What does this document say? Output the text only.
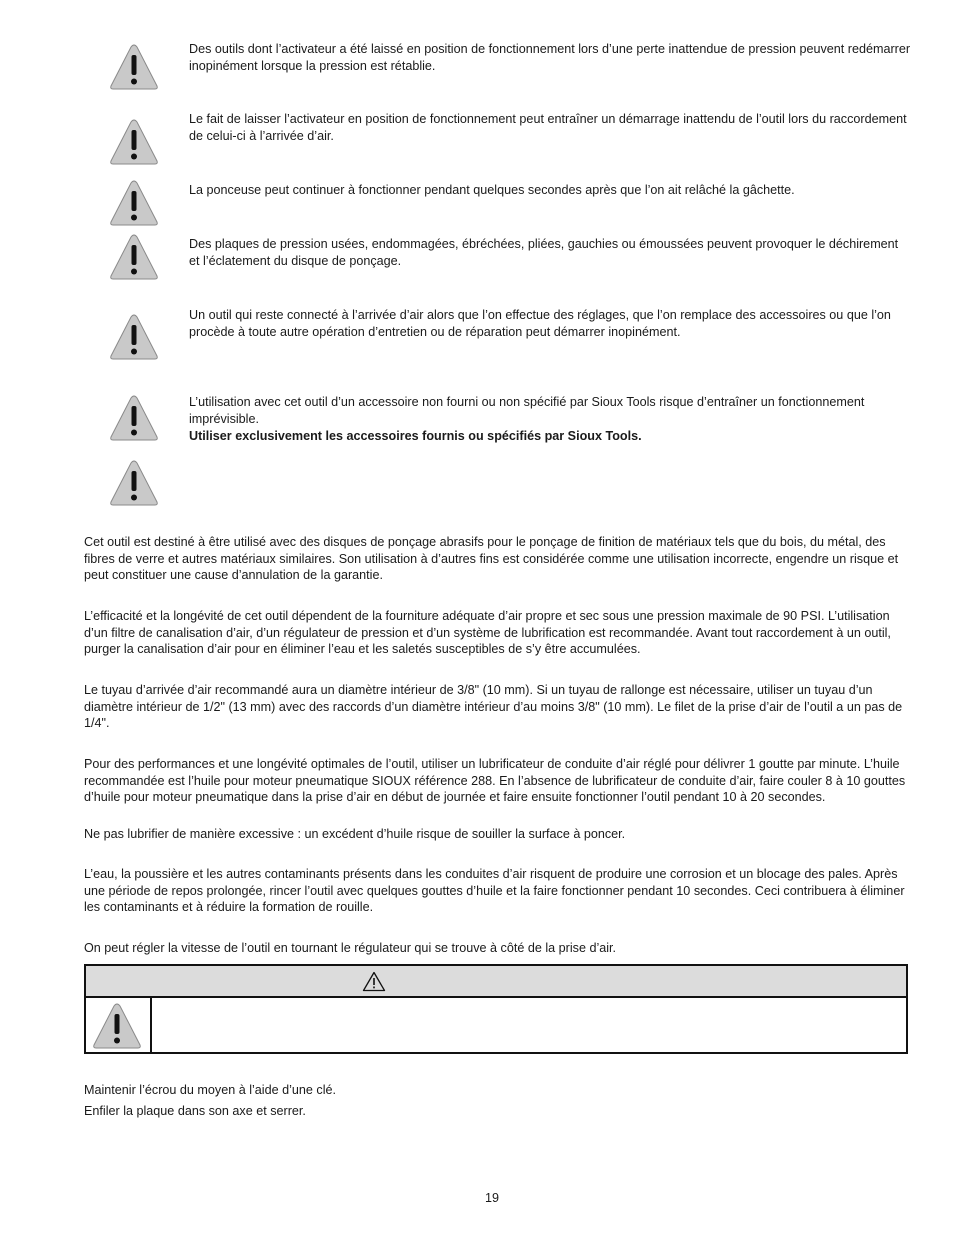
Des outils dont l’activateur a été laissé en position de fonctionnement lors d’une perte inattendue de pression peuvent redémarrer inopinément lorsque la pression est rétablie.
Le fait de laisser l’activateur en position de fonctionnement peut entraîner un démarrage inattendu de l’outil lors du raccordement de celui-ci à l’arrivée d’air.
La ponceuse peut continuer à fonctionner pendant quelques secondes après que l’on ait relâché la gâchette.
Des plaques de pression usées, endommagées, ébréchées, pliées, gauchies ou émoussées peuvent provoquer le déchirement et l’éclatement du disque de ponçage.
Un outil qui reste connecté à l’arrivée d’air alors que l’on effectue des réglages, que l’on remplace des accessoires ou que l’on procède à toute autre opération d’entretien ou de réparation peut démarrer inopinément.
L’utilisation avec cet outil d’un accessoire non fourni ou non spécifié par Sioux Tools risque d’entraîner un fonctionnement imprévisible.
Utiliser exclusivement les accessoires fournis ou spécifiés par Sioux Tools.
Cet outil est destiné à être utilisé avec des disques de ponçage abrasifs pour le ponçage de finition de matériaux tels que du bois, du métal, des fibres de verre et autres matériaux similaires. Son utilisation à d’autres fins est considérée comme une utilisation incorrecte, engendre un risque et peut constituer une cause d’annulation de la garantie.
L’efficacité et la longévité de cet outil dépendent de la fourniture adéquate d’air propre et sec sous une pression maximale de 90 PSI. L’utilisation d’un filtre de canalisation d’air, d’un régulateur de pression et d’un système de lubrification est recommandée. Avant tout raccordement à un outil, purger la canalisation d’air pour en éliminer l’eau et les saletés susceptibles de s’y être accumulées.
Le tuyau d’arrivée d’air recommandé aura un diamètre intérieur de 3/8" (10 mm). Si un tuyau de rallonge est nécessaire, utiliser un tuyau d’un diamètre intérieur de 1/2" (13 mm) avec des raccords d’un diamètre intérieur d’au moins 3/8" (10 mm). Le filet de la prise d’air de l’outil a un pas de 1/4".
Pour des performances et une longévité optimales de l’outil, utiliser un lubrificateur de conduite d’air réglé pour délivrer 1 goutte par minute. L’huile recommandée est l’huile pour moteur pneumatique SIOUX référence 288. En l’absence de lubrificateur de conduite d’air, faire couler 8 à 10 gouttes d’huile pour moteur pneumatique dans la prise d’air en début de journée et faire ensuite fonctionner l’outil pendant 10 à 20 secondes.
Ne pas lubrifier de manière excessive : un excédent d’huile risque de souiller la surface à poncer.
L’eau, la poussière et les autres contaminants présents dans les conduites d’air risquent de produire une corrosion et un blocage des pales. Après une période de repos prolongée, rincer l’outil avec quelques gouttes d’huile et la faire fonctionner pendant 10 secondes. Ceci contribuera à éliminer les contaminants et à réduire la formation de rouille.
On peut régler la vitesse de l’outil en tournant le régulateur qui se trouve à côté de la prise d’air.
Maintenir l’écrou du moyen à l’aide d’une clé.
Enfiler la plaque dans son axe et serrer.
19
